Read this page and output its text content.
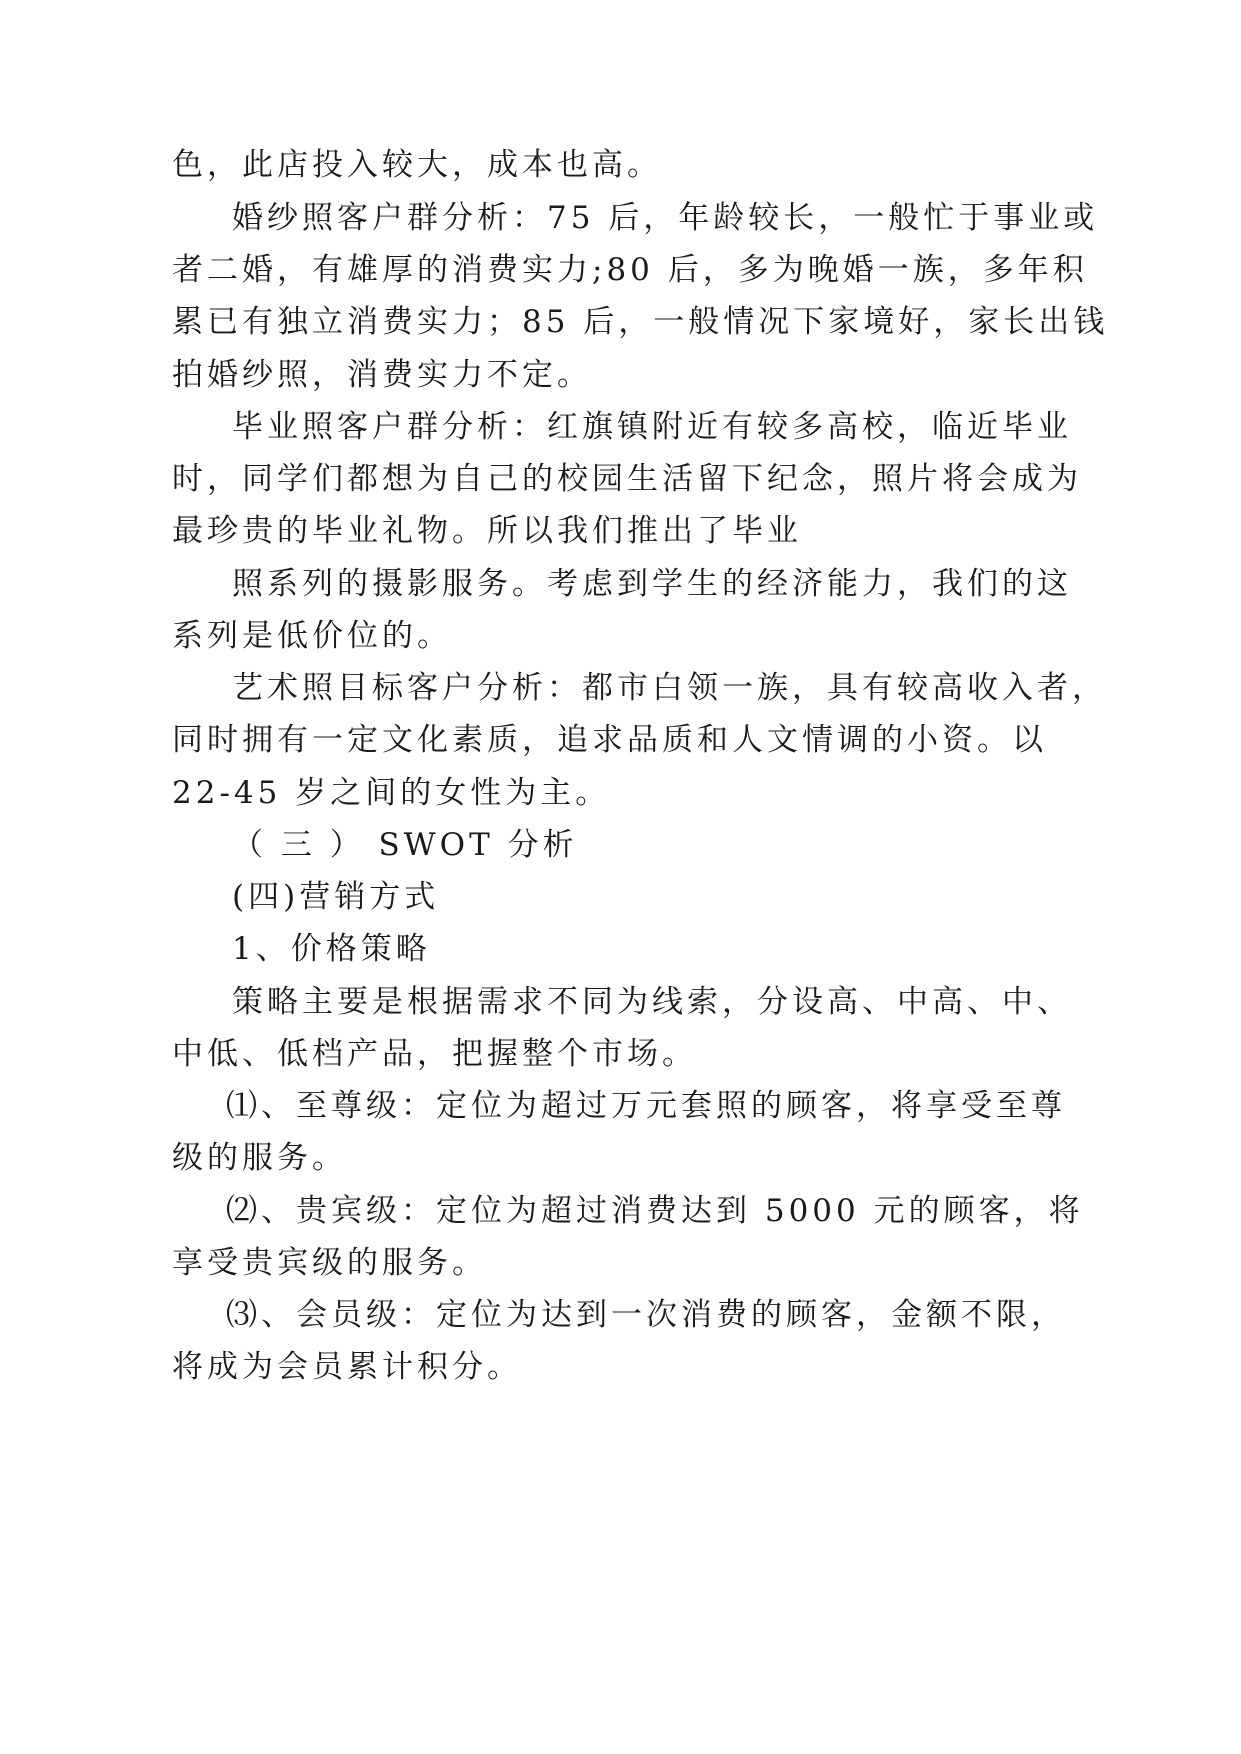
色，此店投入较大，成本也高。
婚纱照客户群分析：75 后，年龄较长，一般忙于事业或
者二婚，有雄厚的消费实力;80 后，多为晚婚一族，多年积
累已有独立消费实力；85 后，一般情况下家境好，家长出钱
拍婚纱照，消费实力不定。
毕业照客户群分析：红旗镇附近有较多高校，临近毕业
时，同学们都想为自己的校园生活留下纪念，照片将会成为
最珍贵的毕业礼物。所以我们推出了毕业
照系列的摄影服务。考虑到学生的经济能力，我们的这
系列是低价位的。
艺术照目标客户分析：都市白领一族，具有较高收入者，
同时拥有一定文化素质，追求品质和人文情调的小资。以
22-45 岁之间的女性为主。
（ 三 ） SWOT 分析
(四)营销方式
1、价格策略
策略主要是根据需求不同为线索，分设高、中高、中、
中低、低档产品，把握整个市场。
⑴、至尊级：定位为超过万元套照的顾客，将享受至尊
级的服务。
⑵、贵宾级：定位为超过消费达到 5000 元的顾客，将
享受贵宾级的服务。
⑶、会员级：定位为达到一次消费的顾客，金额不限，
将成为会员累计积分。
